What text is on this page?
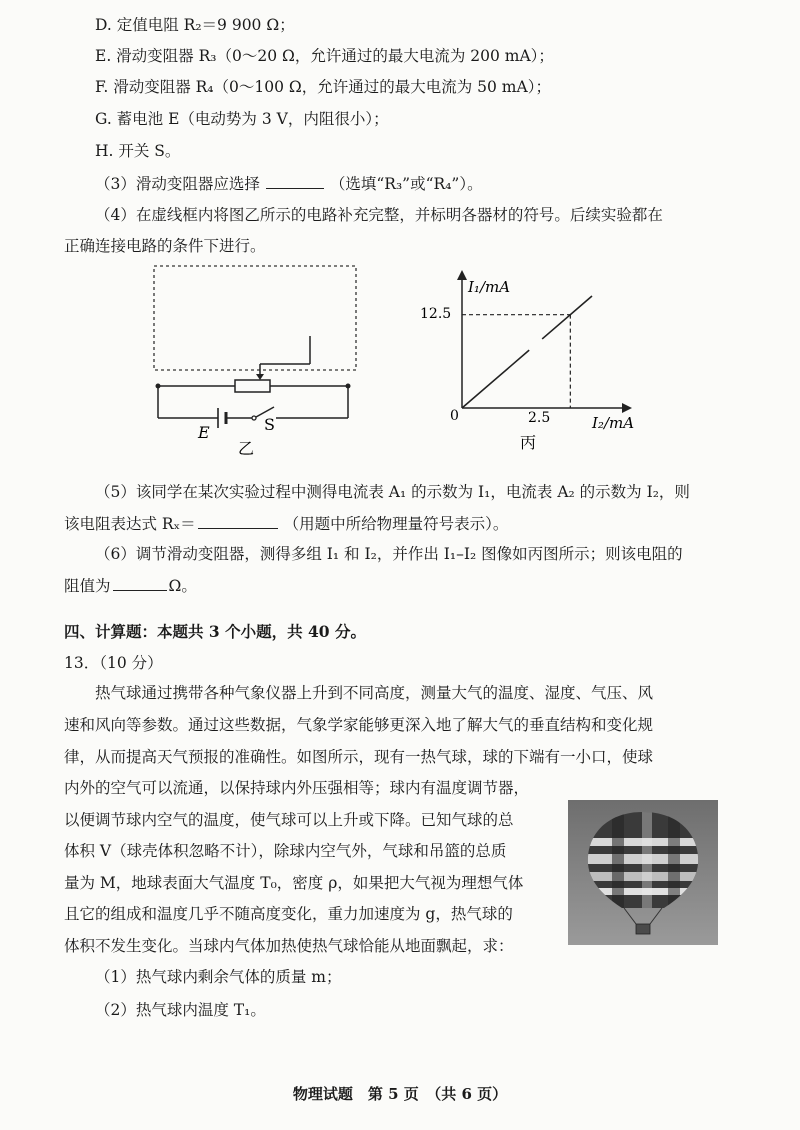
D. 定值电阻 R₂＝9 900 Ω；
E. 滑动变阻器 R₃（0～20 Ω，允许通过的最大电流为 200 mA）；
F. 滑动变阻器 R₄（0～100 Ω，允许通过的最大电流为 50 mA）；
G. 蓄电池 E（电动势为 3 V，内阻很小）；
H. 开关 S。
（3）滑动变阻器应选择	（选填“R₃”或“R₄”）。
（4）在虚线框内将图乙所示的电路补充完整，并标明各器材的符号。后续实验都在
正确连接电路的条件下进行。
E	S
乙
I₁/mA
I₂/mA
12.5
2.5
0
丙
（5）该同学在某次实验过程中测得电流表 A₁ 的示数为 I₁，电流表 A₂ 的示数为 I₂，则
该电阻表达式 Rₓ＝	（用题中所给物理量符号表示）。
（6）调节滑动变阻器，测得多组 I₁ 和 I₂，并作出 I₁–I₂ 图像如丙图所示；则该电阻的
阻值为	Ω。
四、计算题：本题共 3 个小题，共 40 分。
13．（10 分）
热气球通过携带各种气象仪器上升到不同高度，测量大气的温度、湿度、气压、风
速和风向等参数。通过这些数据，气象学家能够更深入地了解大气的垂直结构和变化规
律，从而提高天气预报的准确性。如图所示，现有一热气球，球的下端有一小口，使球
内外的空气可以流通，以保持球内外压强相等；球内有温度调节器，
以便调节球内空气的温度，使气球可以上升或下降。已知气球的总
体积 V（球壳体积忽略不计），除球内空气外，气球和吊篮的总质
量为 M，地球表面大气温度 T₀，密度 ρ，如果把大气视为理想气体
且它的组成和温度几乎不随高度变化，重力加速度为 g，热气球的
体积不发生变化。当球内气体加热使热气球恰能从地面飘起，求：
（1）热气球内剩余气体的质量 m；
（2）热气球内温度 T₁。
物理试题　第 5 页　（共 6 页）
